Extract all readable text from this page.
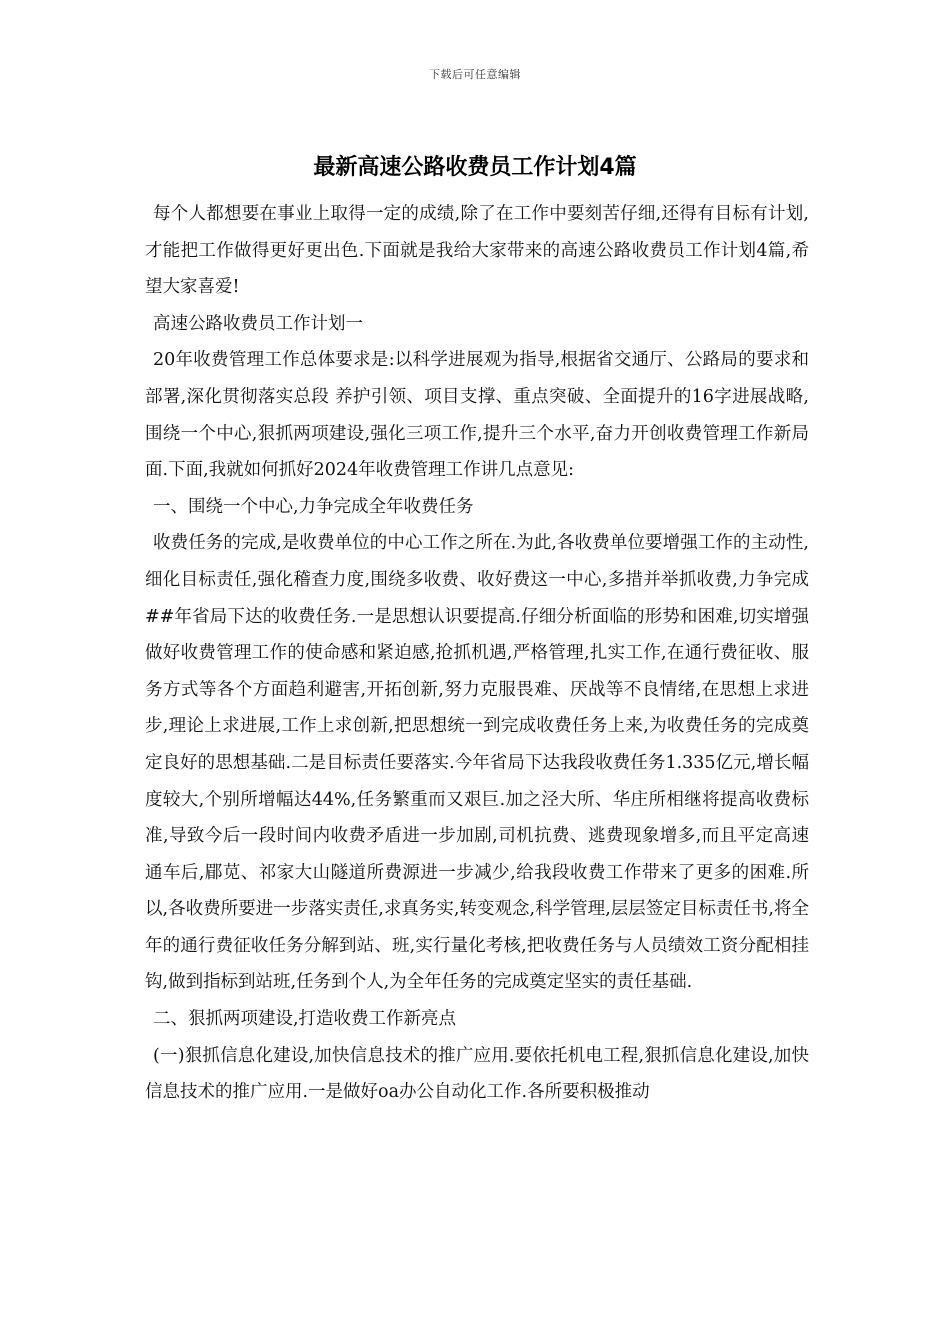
下载后可任意编辑
最新高速公路收费员工作计划4篇

每个人都想要在事业上取得一定的成绩,除了在工作中要刻苦仔细,还得有目标有计划,才能把工作做得更好更出色.下面就是我给大家带来的高速公路收费员工作计划4篇,希望大家喜爱!

高速公路收费员工作计划一

20年收费管理工作总体要求是:以科学进展观为指导,根据省交通厅、公路局的要求和部署,深化贯彻落实总段 养护引领、项目支撑、重点突破、全面提升的16字进展战略,围绕一个中心,狠抓两项建设,强化三项工作,提升三个水平,奋力开创收费管理工作新局面.下面,我就如何抓好2024年收费管理工作讲几点意见:

一、围绕一个中心,力争完成全年收费任务

收费任务的完成,是收费单位的中心工作之所在.为此,各收费单位要增强工作的主动性,细化目标责任,强化稽查力度,围绕多收费、收好费这一中心,多措并举抓收费,力争完成##年省局下达的收费任务.一是思想认识要提高.仔细分析面临的形势和困难,切实增强做好收费管理工作的使命感和紧迫感,抢抓机遇,严格管理,扎实工作,在通行费征收、服务方式等各个方面趋利避害,开拓创新,努力克服畏难、厌战等不良情绪,在思想上求进步,理论上求进展,工作上求创新,把思想统一到完成收费任务上来,为收费任务的完成奠定良好的思想基础.二是目标责任要落实.今年省局下达我段收费任务1.335亿元,增长幅度较大,个别所增幅达44%,任务繁重而又艰巨.加之泾大所、华庄所相继将提高收费标准,导致今后一段时间内收费矛盾进一步加剧,司机抗费、逃费现象增多,而且平定高速通车后,郿苋、祁家大山隧道所费源进一步减少,给我段收费工作带来了更多的困难.所以,各收费所要进一步落实责任,求真务实,转变观念,科学管理,层层签定目标责任书,将全年的通行费征收任务分解到站、班,实行量化考核,把收费任务与人员绩效工资分配相挂钩,做到指标到站班,任务到个人,为全年任务的完成奠定坚实的责任基础.

二、狠抓两项建设,打造收费工作新亮点

(一)狠抓信息化建设,加快信息技术的推广应用.要依托机电工程,狠抓信息化建设,加快信息技术的推广应用.一是做好oa办公自动化工作.各所要积极推动
